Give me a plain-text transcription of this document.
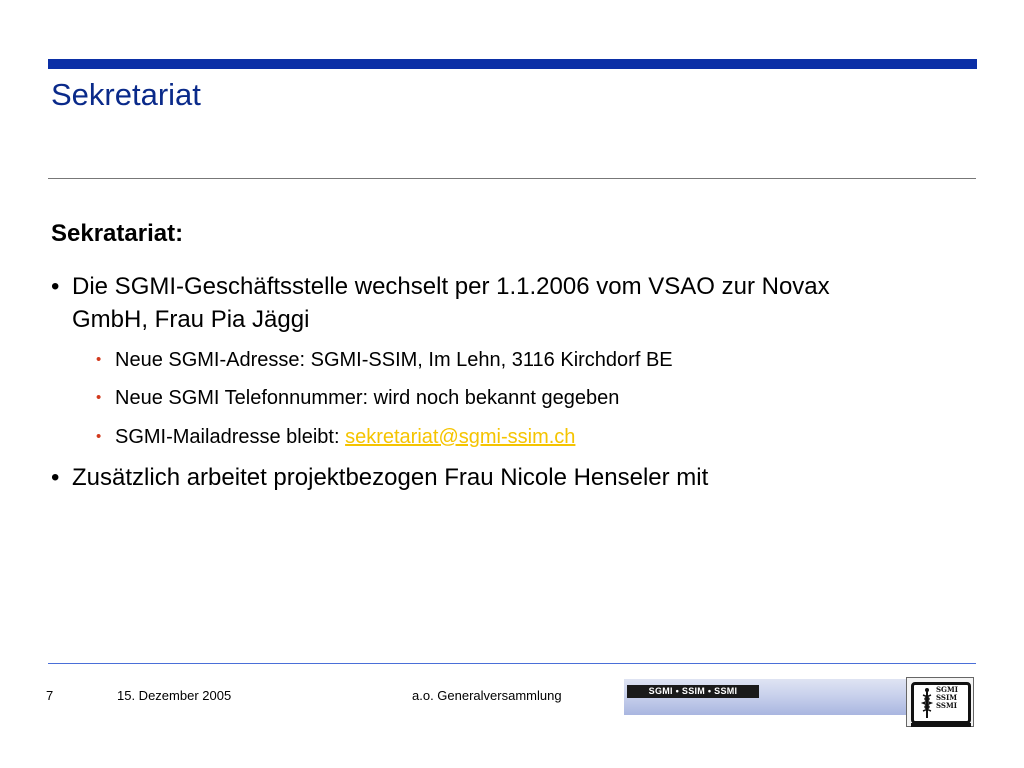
Sekretariat
Sekratariat:
• Die SGMI-Geschäftsstelle wechselt per 1.1.2006 vom VSAO zur Novax GmbH, Frau Pia Jäggi
• Neue SGMI-Adresse: SGMI-SSIM, Im Lehn, 3116 Kirchdorf BE
• Neue SGMI Telefonnummer: wird noch bekannt gegeben
• SGMI-Mailadresse bleibt: sekretariat@sgmi-ssim.ch
• Zusätzlich arbeitet projektbezogen Frau Nicole Henseler mit
7	15. Dezember 2005	a.o. Generalversammlung	SGMI • SSIM • SSMI	SGMI
SSIM
SSMI
